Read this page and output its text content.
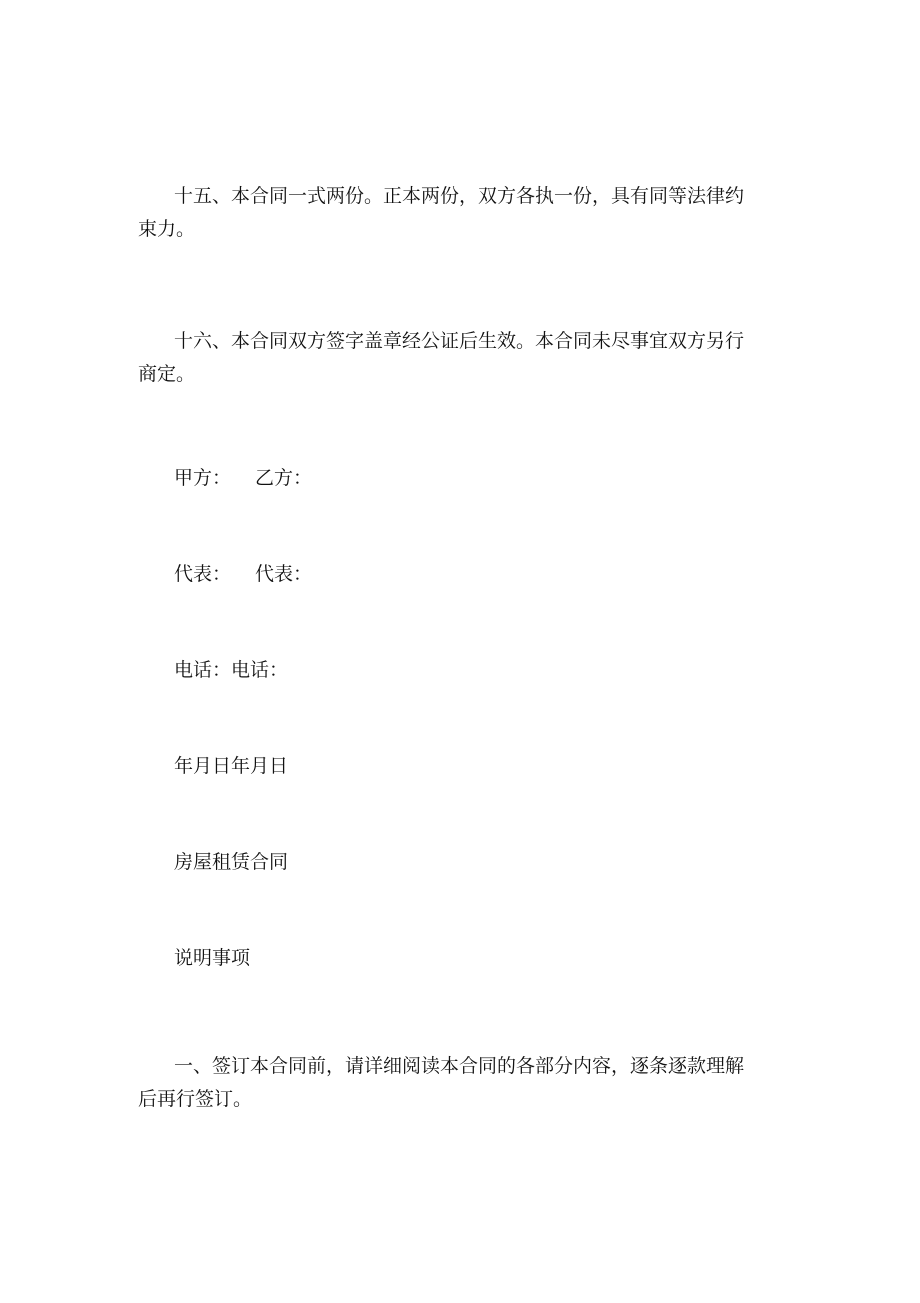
十五、本合同一式两份。正本两份，双方各执一份，具有同等法律约束力。

十六、本合同双方签字盖章经公证后生效。本合同未尽事宜双方另行商定。

甲方： 乙方：

代表： 代表：

电话：电话：

年月日年月日

房屋租赁合同

说明事项

一、签订本合同前，请详细阅读本合同的各部分内容，逐条逐款理解后再行签订。
